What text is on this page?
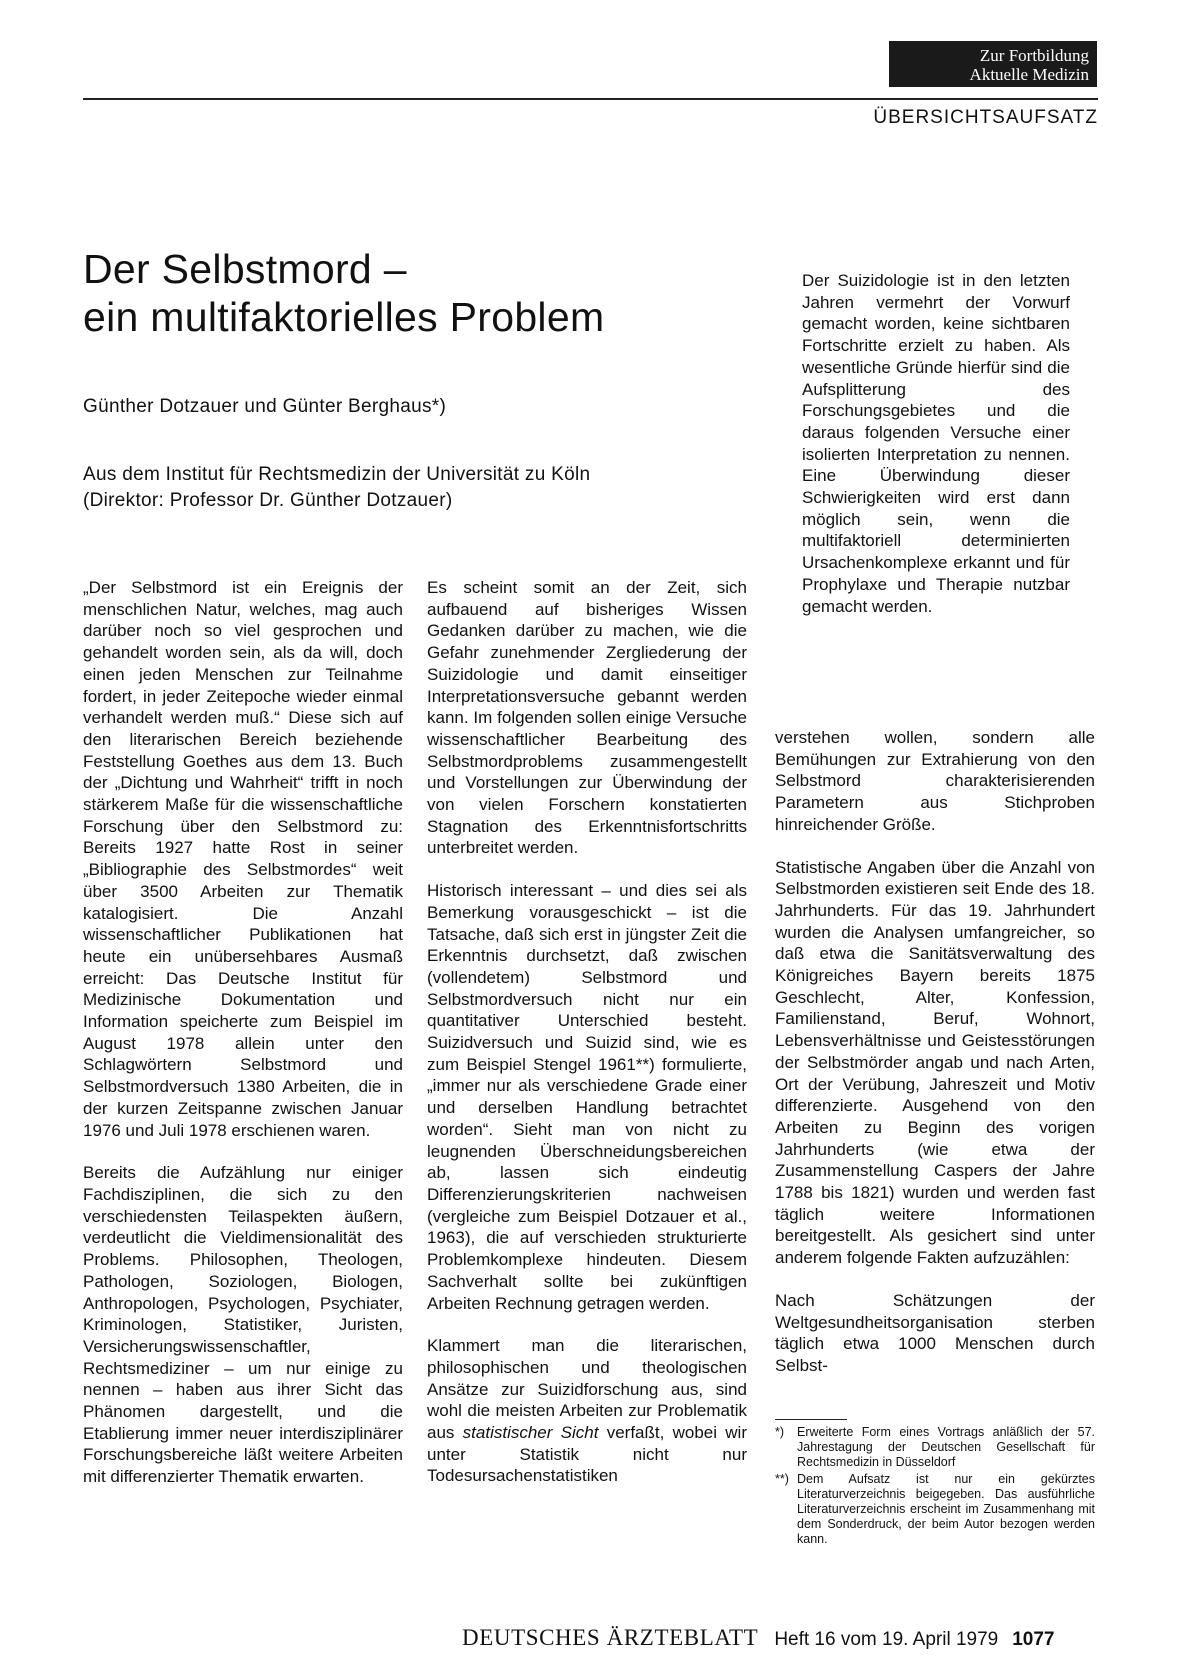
Zur Fortbildung
Aktuelle Medizin
ÜBERSICHTSAUFSATZ
Der Selbstmord –
ein multifaktorielles Problem
Günther Dotzauer und Günter Berghaus*)
Aus dem Institut für Rechtsmedizin der Universität zu Köln
(Direktor: Professor Dr. Günther Dotzauer)

Der Suizidologie ist in den letzten Jahren vermehrt der Vorwurf gemacht worden, keine sichtbaren Fortschritte erzielt zu haben. Als wesentliche Gründe hierfür sind die Aufsplitterung des Forschungsgebietes und die daraus folgenden Versuche einer isolierten Interpretation zu nennen. Eine Überwindung dieser Schwierigkeiten wird erst dann möglich sein, wenn die multifaktoriell determinierten Ursachenkomplexe erkannt und für Prophylaxe und Therapie nutzbar gemacht werden.

„Der Selbstmord ist ein Ereignis der menschlichen Natur, welches, mag auch darüber noch so viel gesprochen und gehandelt worden sein, als da will, doch einen jeden Menschen zur Teilnahme fordert, in jeder Zeitepoche wieder einmal verhandelt werden muß.“ Diese sich auf den literarischen Bereich beziehende Feststellung Goethes aus dem 13. Buch der „Dichtung und Wahrheit“ trifft in noch stärkerem Maße für die wissenschaftliche Forschung über den Selbstmord zu: Bereits 1927 hatte Rost in seiner „Bibliographie des Selbstmordes“ weit über 3500 Arbeiten zur Thematik katalogisiert. Die Anzahl wissenschaftlicher Publikationen hat heute ein unübersehbares Ausmaß erreicht: Das Deutsche Institut für Medizinische Dokumentation und Information speicherte zum Beispiel im August 1978 allein unter den Schlagwörtern Selbstmord und Selbstmordversuch 1380 Arbeiten, die in der kurzen Zeitspanne zwischen Januar 1976 und Juli 1978 erschienen waren.

Bereits die Aufzählung nur einiger Fachdisziplinen, die sich zu den verschiedensten Teilaspekten äußern, verdeutlicht die Vieldimensionalität des Problems. Philosophen, Theologen, Pathologen, Soziologen, Biologen, Anthropologen, Psychologen, Psychiater, Kriminologen, Statistiker, Juristen, Versicherungswissenschaftler, Rechtsmediziner – um nur einige zu nennen – haben aus ihrer Sicht das Phänomen dargestellt, und die Etablierung immer neuer interdisziplinärer Forschungsbereiche läßt weitere Arbeiten mit differenzierter Thematik erwarten.

Es scheint somit an der Zeit, sich aufbauend auf bisheriges Wissen Gedanken darüber zu machen, wie die Gefahr zunehmender Zergliederung der Suizidologie und damit einseitiger Interpretationsversuche gebannt werden kann. Im folgenden sollen einige Versuche wissenschaftlicher Bearbeitung des Selbstmordproblems zusammengestellt und Vorstellungen zur Überwindung der von vielen Forschern konstatierten Stagnation des Erkenntnisfortschritts unterbreitet werden.

Historisch interessant – und dies sei als Bemerkung vorausgeschickt – ist die Tatsache, daß sich erst in jüngster Zeit die Erkenntnis durchsetzt, daß zwischen (vollendetem) Selbstmord und Selbstmordversuch nicht nur ein quantitativer Unterschied besteht. Suizidversuch und Suizid sind, wie es zum Beispiel Stengel 1961**) formulierte, „immer nur als verschiedene Grade einer und derselben Handlung betrachtet worden“. Sieht man von nicht zu leugnenden Überschneidungsbereichen ab, lassen sich eindeutig Differenzierungskriterien nachweisen (vergleiche zum Beispiel Dotzauer et al., 1963), die auf verschieden strukturierte Problemkomplexe hindeuten. Diesem Sachverhalt sollte bei zukünftigen Arbeiten Rechnung getragen werden.

Klammert man die literarischen, philosophischen und theologischen Ansätze zur Suizidforschung aus, sind wohl die meisten Arbeiten zur Problematik aus statistischer Sicht verfaßt, wobei wir unter Statistik nicht nur Todesursachenstatistiken

verstehen wollen, sondern alle Bemühungen zur Extrahierung von den Selbstmord charakterisierenden Parametern aus Stichproben hinreichender Größe.

Statistische Angaben über die Anzahl von Selbstmorden existieren seit Ende des 18. Jahrhunderts. Für das 19. Jahrhundert wurden die Analysen umfangreicher, so daß etwa die Sanitätsverwaltung des Königreiches Bayern bereits 1875 Geschlecht, Alter, Konfession, Familienstand, Beruf, Wohnort, Lebensverhältnisse und Geistesstörungen der Selbstmörder angab und nach Arten, Ort der Verübung, Jahreszeit und Motiv differenzierte. Ausgehend von den Arbeiten zu Beginn des vorigen Jahrhunderts (wie etwa der Zusammenstellung Caspers der Jahre 1788 bis 1821) wurden und werden fast täglich weitere Informationen bereitgestellt. Als gesichert sind unter anderem folgende Fakten aufzuzählen:

Nach Schätzungen der Weltgesundheitsorganisation sterben täglich etwa 1000 Menschen durch Selbst-

*)	Erweiterte Form eines Vortrags anläßlich der 57. Jahrestagung der Deutschen Gesellschaft für Rechtsmedizin in Düsseldorf
**) Dem Aufsatz ist nur ein gekürztes Literaturverzeichnis beigegeben. Das ausführliche Literaturverzeichnis erscheint im Zusammenhang mit dem Sonderdruck, der beim Autor bezogen werden kann.
DEUTSCHES ÄRZTEBLATT Heft 16 vom 19. April 1979 1077
